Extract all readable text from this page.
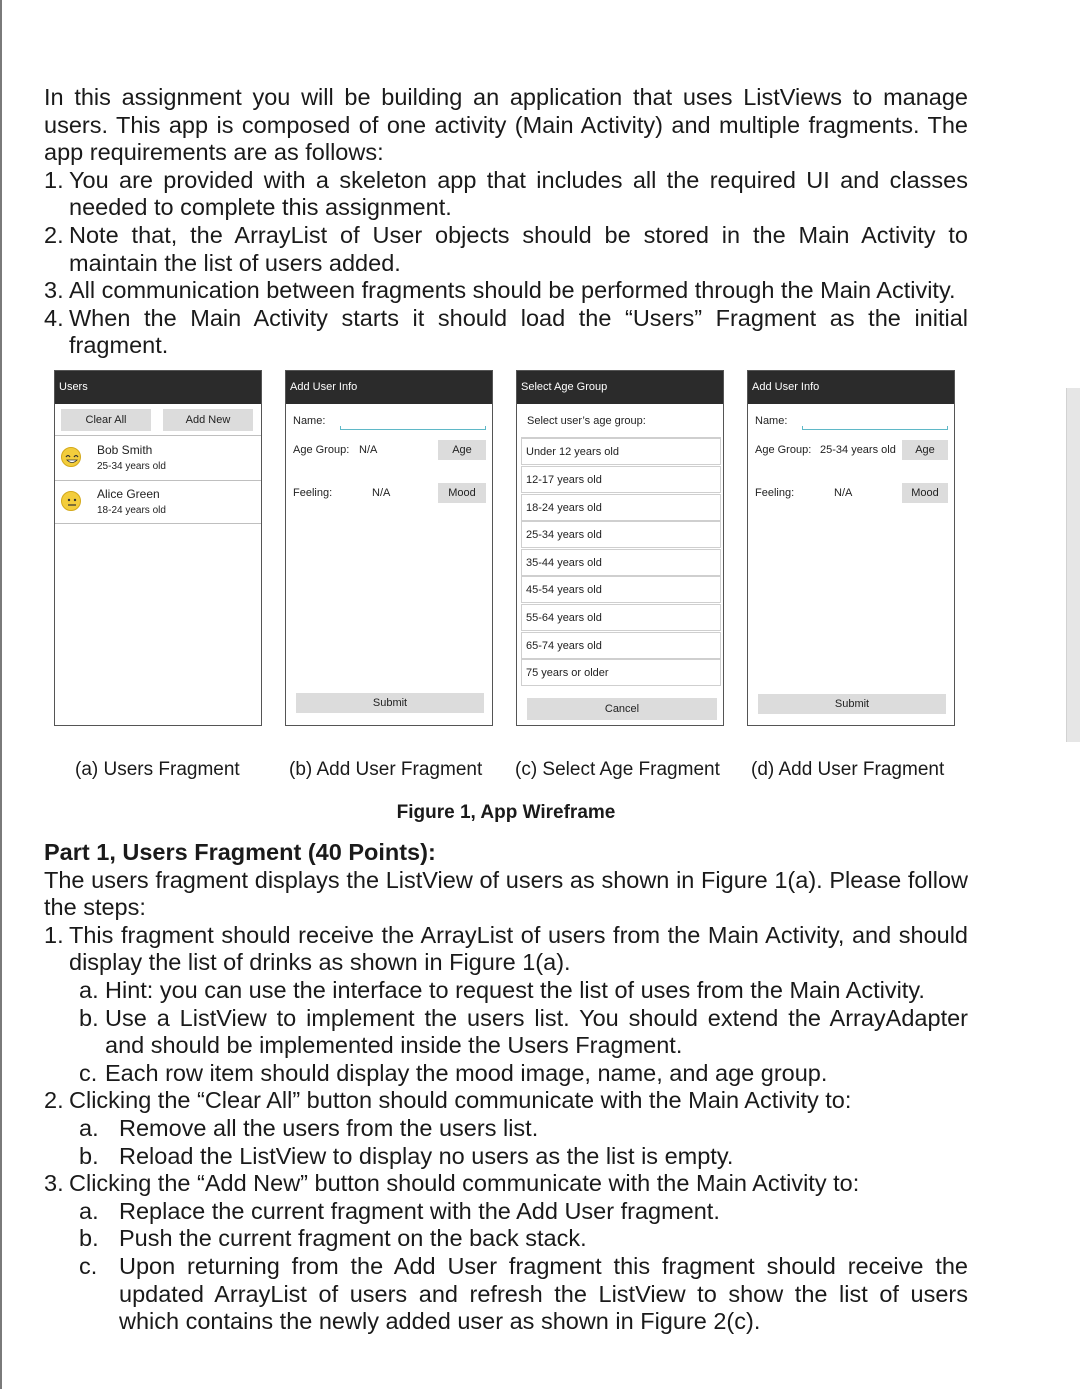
In this assignment you will be building an application that uses ListViews to manage users. This app is composed of one activity (Main Activity) and multiple fragments. The app requirements are as follows:

1. You are provided with a skeleton app that includes all the required UI and classes needed to complete this assignment.
2. Note that, the ArrayList of User objects should be stored in the Main Activity to maintain the list of users added.
3. All communication between fragments should be performed through the Main Activity.
4. When the Main Activity starts it should load the “Users” Fragment as the initial fragment.
Users
Clear All	Add New
Bob Smith
25-34 years old
Alice Green
18-24 years old
Add User Info
Name:
Age Group: N/A	Age
Feeling:	N/A	Mood
Submit
Select Age Group
Select user’s age group:
Under 12 years old
12-17 years old
18-24 years old
25-34 years old
35-44 years old
45-54 years old
55-64 years old
65-74 years old
75 years or older
Cancel
Add User Info
Name:
Age Group: 25-34 years old	Age
Feeling:	N/A	Mood
Submit
(a) Users Fragment	(b) Add User Fragment (c) Select Age Fragment (d) Add User Fragment
Figure 1, App Wireframe

Part 1, Users Fragment (40 Points):

The users fragment displays the ListView of users as shown in Figure 1(a). Please follow the steps:

1. This fragment should receive the ArrayList of users from the Main Activity, and should display the list of drinks as shown in Figure 1(a).
a. Hint: you can use the interface to request the list of uses from the Main Activity.
b. Use a ListView to implement the users list. You should extend the ArrayAdapter and should be implemented inside the Users Fragment.
c. Each row item should display the mood image, name, and age group.
2. Clicking the “Clear All” button should communicate with the Main Activity to:
a. Remove all the users from the users list.
b. Reload the ListView to display no users as the list is empty.
3. Clicking the “Add New” button should communicate with the Main Activity to:
a. Replace the current fragment with the Add User fragment.
b. Push the current fragment on the back stack.
c. Upon returning from the Add User fragment this fragment should receive the updated ArrayList of users and refresh the ListView to show the list of users which contains the newly added user as shown in Figure 2(c).
